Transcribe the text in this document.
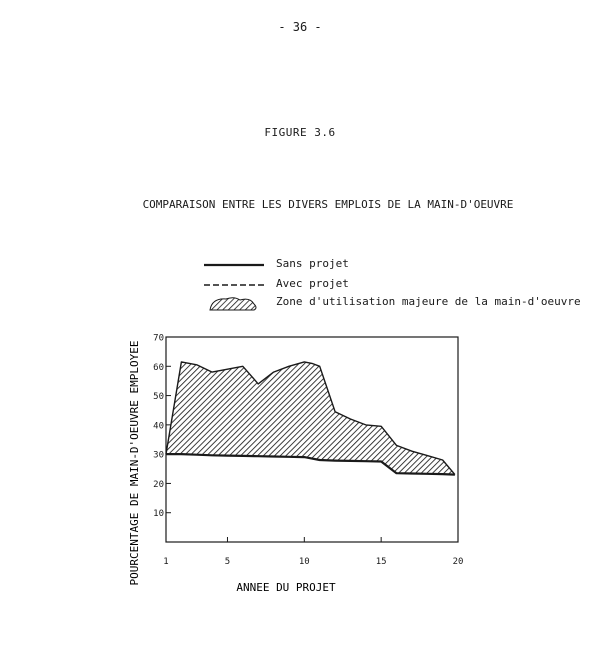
- 36 -
FIGURE 3.6
COMPARAISON ENTRE LES DIVERS EMPLOIS DE LA MAIN-D'OEUVRE
Sans projet
Avec projet
Zone d'utilisation majeure de la main-d'oeuvre
10
20
30
40
50
60
70
1	5	10	15	20
ANNEE DU PROJET
POURCENTAGE DE MAIN-D'OEUVRE EMPLOYEE
